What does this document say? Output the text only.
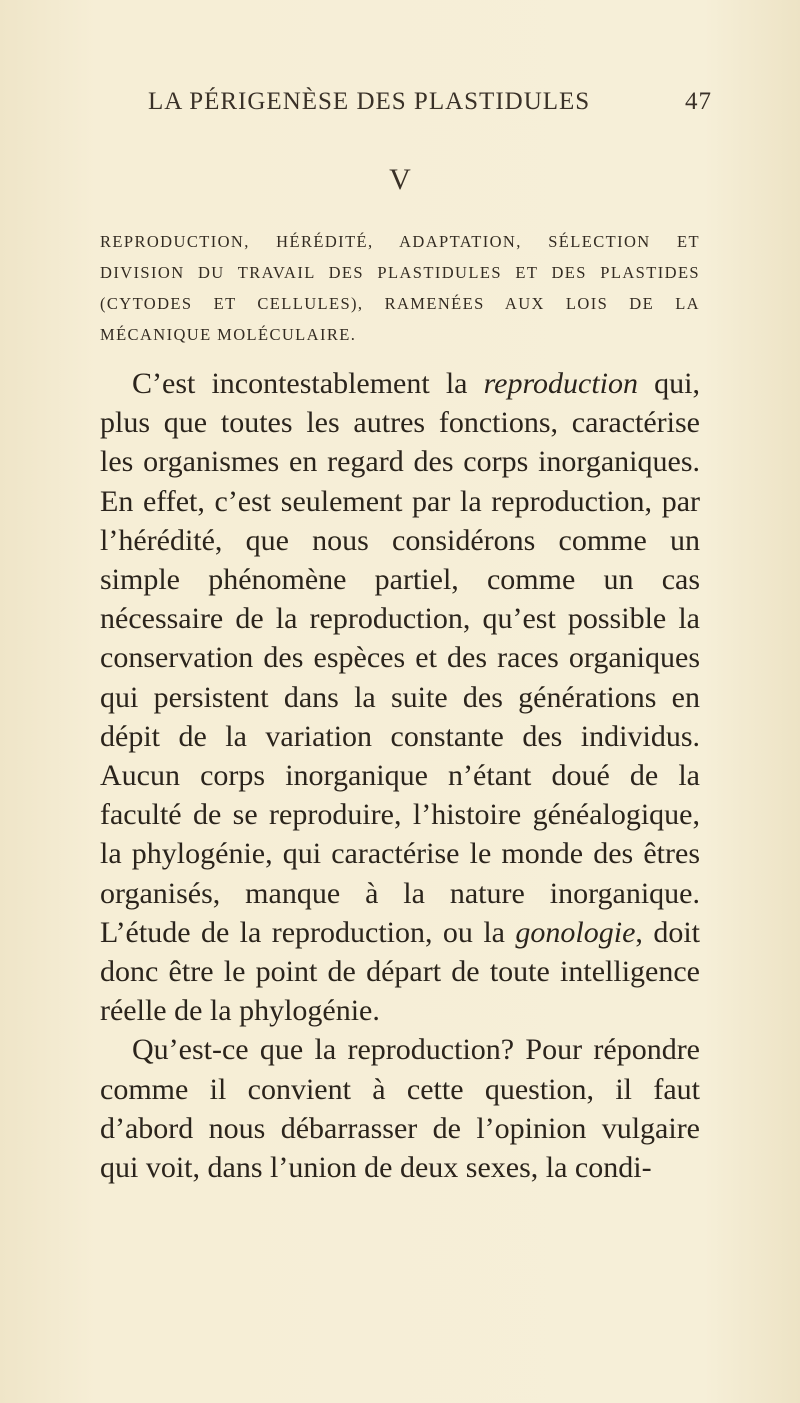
LA PÉRIGENÈSE DES PLASTIDULES	47
V
REPRODUCTION, HÉRÉDITÉ, ADAPTATION, SÉLECTION ET DIVISION DU TRAVAIL DES PLASTIDULES ET DES PLASTIDES (CYTODES ET CELLULES), RAMENÉES AUX LOIS DE LA MÉCANIQUE MOLÉCULAIRE.

C’est incontestablement la reproduction qui, plus que toutes les autres fonctions, caractérise les organismes en regard des corps inorganiques. En effet, c’est seulement par la reproduction, par l’hérédité, que nous considérons comme un simple phénomène partiel, comme un cas nécessaire de la reproduction, qu’est possible la conservation des espèces et des races organiques qui persistent dans la suite des générations en dépit de la variation constante des individus. Aucun corps inorganique n’étant doué de la faculté de se reproduire, l’histoire généalogique, la phylogénie, qui caractérise le monde des êtres organisés, manque à la nature inorganique. L’étude de la reproduction, ou la gonologie, doit donc être le point de départ de toute intelligence réelle de la phylogénie.

Qu’est-ce que la reproduction? Pour répondre comme il convient à cette question, il faut d’abord nous débarrasser de l’opinion vulgaire qui voit, dans l’union de deux sexes, la condi-
